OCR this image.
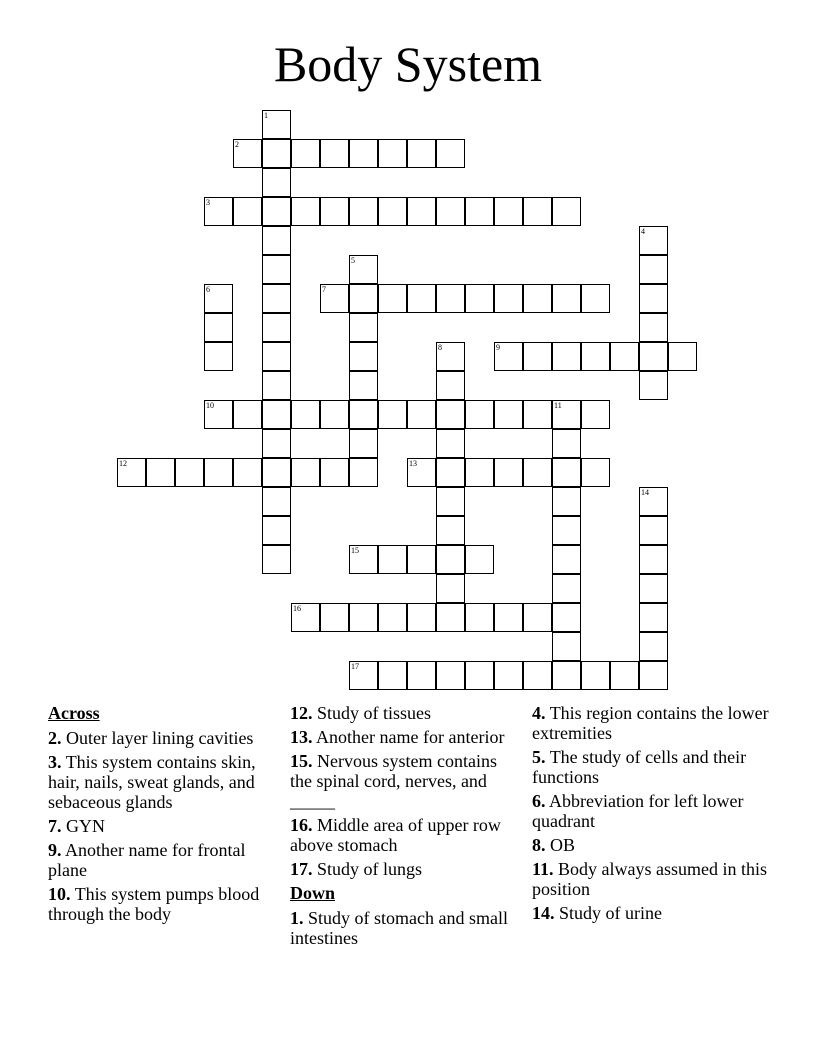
Body System
1
2
3
4
5
6	7
8	9
10	11
12	13
14
15
16
17
Across
2. Outer layer lining cavities
3. This system contains skin, hair, nails, sweat glands, and sebaceous glands
7. GYN
9. Another name for frontal plane
10. This system pumps blood through the body
12. Study of tissues
13. Another name for anterior
15. Nervous system contains the spinal cord, nerves, and _____
16. Middle area of upper row above stomach
17. Study of lungs
Down
1. Study of stomach and small intestines
4. This region contains the lower extremities
5. The study of cells and their functions
6. Abbreviation for left lower quadrant
8. OB
11. Body always assumed in this position
14. Study of urine
